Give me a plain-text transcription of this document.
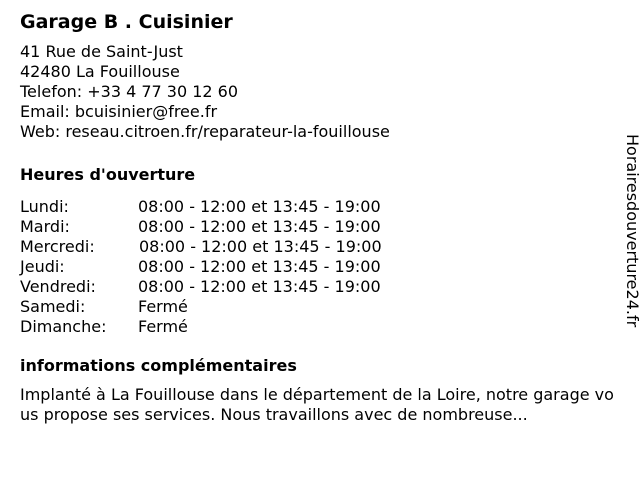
Garage B . Cuisinier
41 Rue de Saint-Just
42480 La Fouillouse
Telefon: +33 4 77 30 12 60
Email: bcuisinier@free.fr
Web: reseau.citroen.fr/reparateur-la-fouillouse
Heures d'ouverture
Lundi:	08:00 - 12:00 et 13:45 - 19:00
Mardi:	08:00 - 12:00 et 13:45 - 19:00
Mercredi:	08:00 - 12:00 et 13:45 - 19:00
Jeudi:	08:00 - 12:00 et 13:45 - 19:00
Vendredi:	08:00 - 12:00 et 13:45 - 19:00
Samedi:	Fermé
Dimanche:	Fermé
informations complémentaires
Implanté à La Fouillouse dans le département de la Loire, notre garage vous propose ses services. Nous travaillons avec de nombreuse...
Horairesdouverture24.fr
